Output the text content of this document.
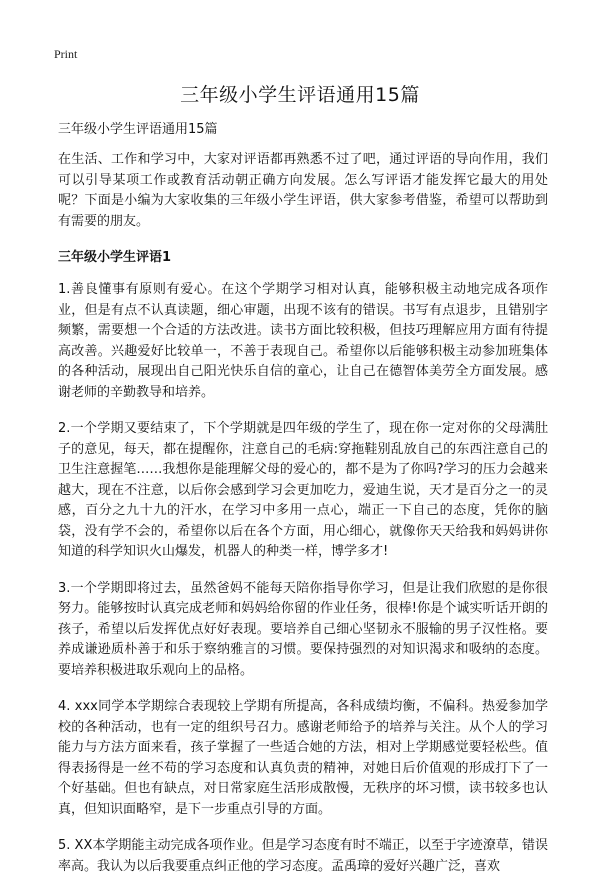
Print
三年级小学生评语通用15篇
三年级小学生评语通用15篇

在生活、工作和学习中，大家对评语都再熟悉不过了吧，通过评语的导向作用，我们可以引导某项工作或教育活动朝正确方向发展。怎么写评语才能发挥它最大的用处呢？下面是小编为大家收集的三年级小学生评语，供大家参考借鉴，希望可以帮助到有需要的朋友。

三年级小学生评语1

1.善良懂事有原则有爱心。在这个学期学习相对认真，能够积极主动地完成各项作业，但是有点不认真读题，细心审题，出现不该有的错误。书写有点退步，且错别字频繁，需要想一个合适的方法改进。读书方面比较积极，但技巧理解应用方面有待提高改善。兴趣爱好比较单一，不善于表现自己。希望你以后能够积极主动参加班集体的各种活动，展现出自己阳光快乐自信的童心，让自己在德智体美劳全方面发展。感谢老师的辛勤教导和培养。

2.一个学期又要结束了，下个学期就是四年级的学生了，现在你一定对你的父母满肚子的意见，每天，都在提醒你，注意自己的毛病:穿拖鞋别乱放自己的东西注意自己的卫生注意握笔……我想你是能理解父母的爱心的，都不是为了你吗?学习的压力会越来越大，现在不注意，以后你会感到学习会更加吃力，爱迪生说，天才是百分之一的灵感，百分之九十九的汗水，在学习中多用一点心，端正一下自己的态度，凭你的脑袋，没有学不会的，希望你以后在各个方面，用心细心，就像你天天给我和妈妈讲你知道的科学知识火山爆发，机器人的种类一样，博学多才!

3.一个学期即将过去，虽然爸妈不能每天陪你指导你学习，但是让我们欣慰的是你很努力。能够按时认真完成老师和妈妈给你留的作业任务，很棒!你是个诚实听话开朗的孩子，希望以后发挥优点好好表现。要培养自己细心坚韧永不服输的男子汉性格。要养成谦逊质朴善于和乐于察纳雅言的习惯。要保持强烈的对知识渴求和吸纳的态度。要培养积极进取乐观向上的品格。

4. xxx同学本学期综合表现较上学期有所提高，各科成绩均衡，不偏科。热爱参加学校的各种活动，也有一定的组织号召力。感谢老师给予的培养与关注。从个人的学习能力与方法方面来看，孩子掌握了一些适合她的方法，相对上学期感觉要轻松些。值得表扬得是一丝不苟的学习态度和认真负责的精神，对她日后价值观的形成打下了一个好基础。但也有缺点，对日常家庭生活形成散慢，无秩序的坏习惯，读书较多也认真，但知识面略窄，是下一步重点引导的方面。

5. XX本学期能主动完成各项作业。但是学习态度有时不端正，以至于字迹潦草，错误率高。我认为以后我要重点纠正他的学习态度。孟禹璋的爱好兴趣广泛，喜欢
